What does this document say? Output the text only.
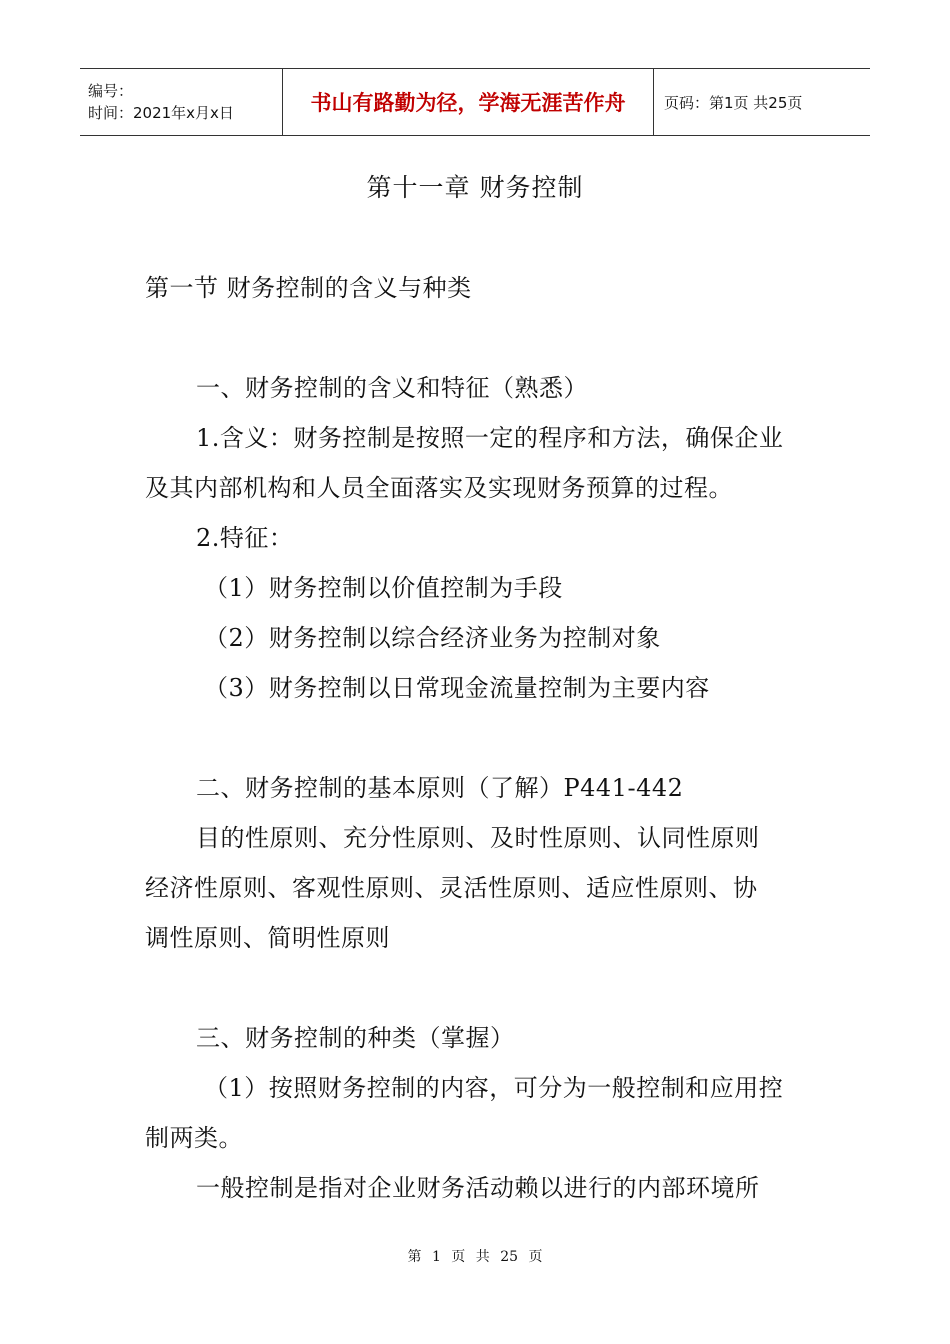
编号：
时间：2021年x月x日	书山有路勤为径，学海无涯苦作舟	页码：第1页 共25页
第十一章 财务控制
第一节 财务控制的含义与种类
一、财务控制的含义和特征（熟悉）
1.含义：财务控制是按照一定的程序和方法，确保企业
及其内部机构和人员全面落实及实现财务预算的过程。
2.特征：
（1）财务控制以价值控制为手段
（2）财务控制以综合经济业务为控制对象
（3）财务控制以日常现金流量控制为主要内容
二、财务控制的基本原则（了解）P441-442
目的性原则、充分性原则、及时性原则、认同性原则
经济性原则、客观性原则、灵活性原则、适应性原则、协
调性原则、简明性原则
三、财务控制的种类（掌握）
（1）按照财务控制的内容，可分为一般控制和应用控
制两类。
一般控制是指对企业财务活动赖以进行的内部环境所
第 1 页 共 25 页
